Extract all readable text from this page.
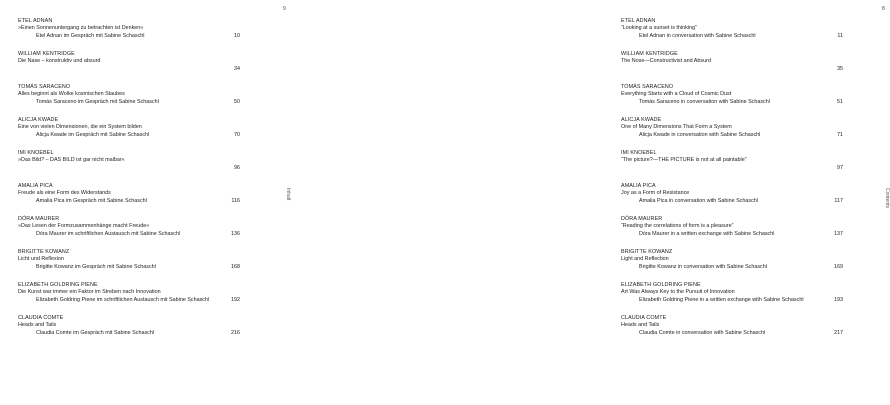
9
Inhalt
ETEL ADNAN
»Einen Sonnenuntergang zu betrachten ist Denken«
Etel Adnan im Gespräch mit Sabine Schaschl	10
WILLIAM KENTRIDGE
Die Nase – konstruktiv und absurd
34
TOMÁS SARACENO
Alles beginnt als Wolke kosmischen Staubes
Tomás Saraceno im Gespräch mit Sabine Schaschl	50
ALICJA KWADE
Eine von vielen Dimensionen, die ein System bilden
Alicja Kwade im Gespräch mit Sabine Schaschl	70
IMI KNOEBEL
»Das Bild? – DAS BILD ist gar nicht malbar«
96
AMALIA PICA
Freude als eine Form des Widerstands
Amalia Pica im Gespräch mit Sabine Schaschl	116
DÓRA MAURER
»Das Lesen der Formzusammenhänge macht Freude«
Dóra Maurer im schriftlichen Austausch mit Sabine Schaschl	136
BRIGITTE KOWANZ
Licht und Reflexion
Brigitte Kowanz im Gespräch mit Sabine Schaschl	168
ELIZABETH GOLDRING PIENE
Die Kunst war immer ein Faktor im Streben nach Innovation
Elizabeth Goldring Piene im schriftlichen Austausch mit Sabine Schaschl	192
CLAUDIA COMTE
Heads and Tails
Claudia Comte im Gespräch mit Sabine Schaschl	216
8
Contents
ETEL ADNAN
“Looking at a sunset is thinking”
Etel Adnan in conversation with Sabine Schaschl	11
WILLIAM KENTRIDGE
The Nose—Constructivist and Absurd
35
TOMÁS SARACENO
Everything Starts with a Cloud of Cosmic Dust
Tomás Saraceno in conversation with Sabine Schaschl	51
ALICJA KWADE
One of Many Dimensions That Form a System
Alicja Kwade in conversation with Sabine Schaschl	71
IMI KNOEBEL
“The picture?—THE PICTURE is not at all paintable”
97
AMALIA PICA
Joy as a Form of Resistance
Amalia Pica in conversation with Sabine Schaschl	117
DÓRA MAURER
“Reading the correlations of form is a pleasure”
Dóra Maurer in a written exchange with Sabine Schaschl	137
BRIGITTE KOWANZ
Light and Reflection
Brigitte Kowanz in conversation with Sabine Schaschl	169
ELIZABETH GOLDRING PIENE
Art Was Always Key to the Pursuit of Innovation
Elizabeth Goldring Piene in a written exchange with Sabine Schaschl	193
CLAUDIA COMTE
Heads and Tails
Claudia Comte in conversation with Sabine Schaschl	217
